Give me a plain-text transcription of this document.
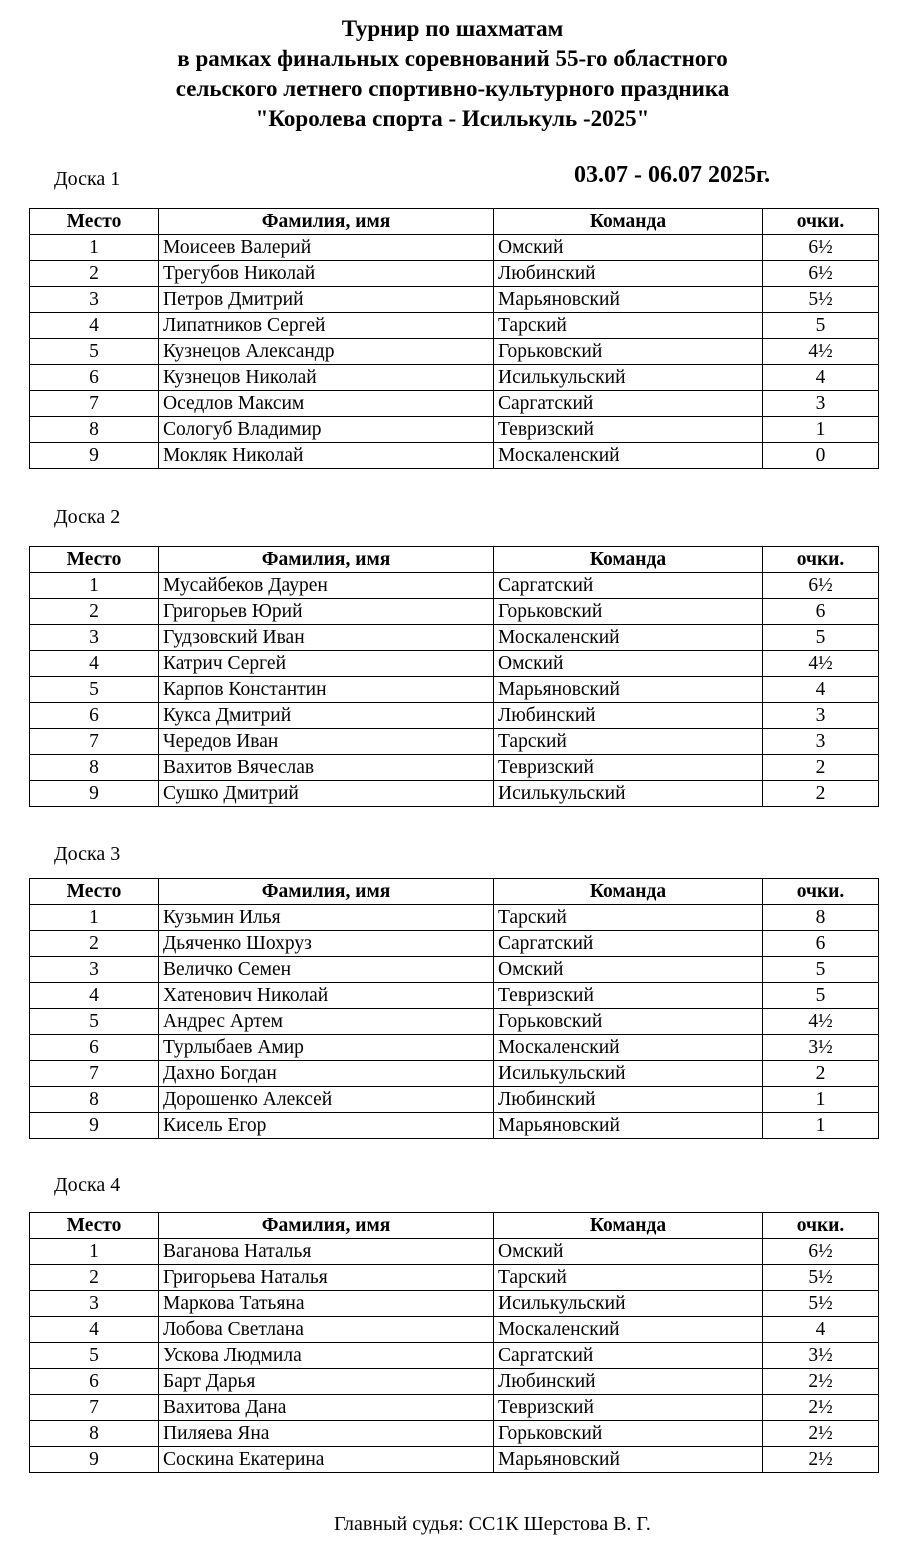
Турнир по шахматам
в рамках финальных соревнований 55-го областного
сельского летнего спортивно-культурного праздника
"Королева спорта - Исилькуль -2025"
03.07 - 06.07 2025г.
Доска 1
Место	Фамилия, имя	Команда	очки.
1	Моисеев Валерий	Омский	6½
2	Трегубов Николай	Любинский	6½
3	Петров Дмитрий	Марьяновский	5½
4	Липатников Сергей	Тарский	5
5	Кузнецов Александр	Горьковский	4½
6	Кузнецов Николай	Исилькульский	4
7	Оседлов Максим	Саргатский	3
8	Сологуб Владимир	Тевризский	1
9	Мокляк Николай	Москаленский	0
Доска 2
Место	Фамилия, имя	Команда	очки.
1	Мусайбеков Даурен	Саргатский	6½
2	Григорьев Юрий	Горьковский	6
3	Гудзовский Иван	Москаленский	5
4	Катрич Сергей	Омский	4½
5	Карпов Константин	Марьяновский	4
6	Кукса Дмитрий	Любинский	3
7	Чередов Иван	Тарский	3
8	Вахитов Вячеслав	Тевризский	2
9	Сушко Дмитрий	Исилькульский	2
Доска 3
Место	Фамилия, имя	Команда	очки.
1	Кузьмин Илья	Тарский	8
2	Дьяченко Шохруз	Саргатский	6
3	Величко Семен	Омский	5
4	Хатенович Николай	Тевризский	5
5	Андрес Артем	Горьковский	4½
6	Турлыбаев Амир	Москаленский	3½
7	Дахно Богдан	Исилькульский	2
8	Дорошенко Алексей	Любинский	1
9	Кисель Егор	Марьяновский	1
Доска 4
Место	Фамилия, имя	Команда	очки.
1	Ваганова Наталья	Омский	6½
2	Григорьева Наталья	Тарский	5½
3	Маркова Татьяна	Исилькульский	5½
4	Лобова Светлана	Москаленский	4
5	Ускова Людмила	Саргатский	3½
6	Барт Дарья	Любинский	2½
7	Вахитова Дана	Тевризский	2½
8	Пиляева Яна	Горьковский	2½
9	Соскина Екатерина	Марьяновский	2½
Главный судья: СС1К Шерстова В. Г.
